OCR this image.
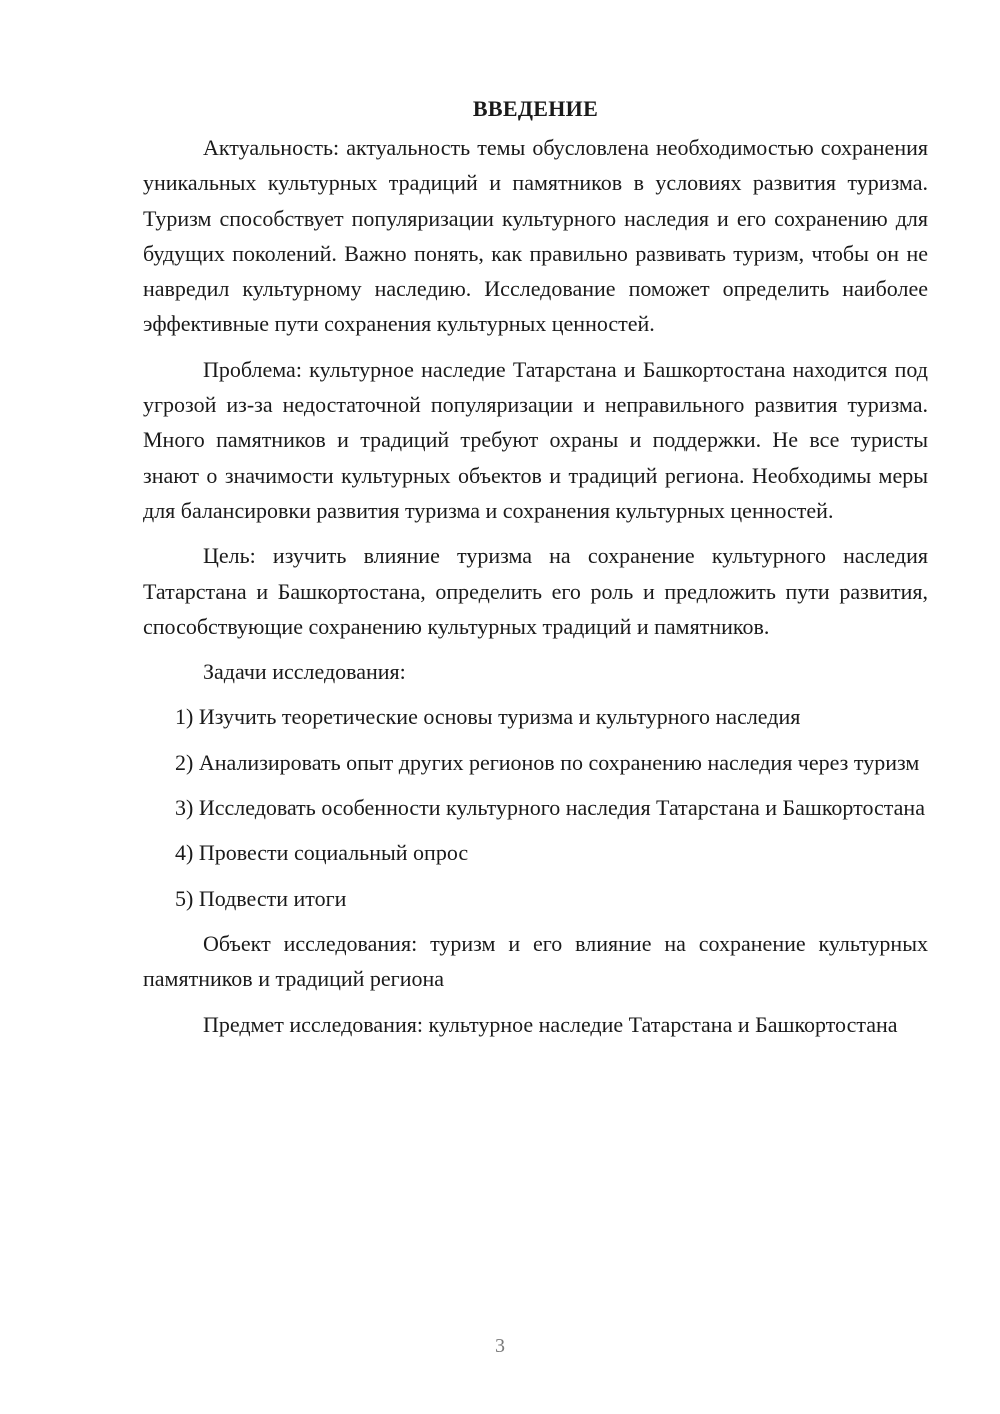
ВВЕДЕНИЕ

Актуальность: актуальность темы обусловлена необходимостью сохранения уникальных культурных традиций и памятников в условиях развития туризма. Туризм способствует популяризации культурного наследия и его сохранению для будущих поколений. Важно понять, как правильно развивать туризм, чтобы он не навредил культурному наследию. Исследование поможет определить наиболее эффективные пути сохранения культурных ценностей.

Проблема: культурное наследие Татарстана и Башкортостана находится под угрозой из-за недостаточной популяризации и неправильного развития туризма. Много памятников и традиций требуют охраны и поддержки. Не все туристы знают о значимости культурных объектов и традиций региона. Необходимы меры для балансировки развития туризма и сохранения культурных ценностей.

Цель: изучить влияние туризма на сохранение культурного наследия Татарстана и Башкортостана, определить его роль и предложить пути развития, способствующие сохранению культурных традиций и памятников.

Задачи исследования:

1) Изучить теоретические основы туризма и культурного наследия

2) Анализировать опыт других регионов по сохранению наследия через туризм

3) Исследовать особенности культурного наследия Татарстана и Башкортостана

4) Провести социальный опрос

5) Подвести итоги

Объект исследования: туризм и его влияние на сохранение культурных памятников и традиций региона

Предмет исследования: культурное наследие Татарстана и Башкортостана

3
